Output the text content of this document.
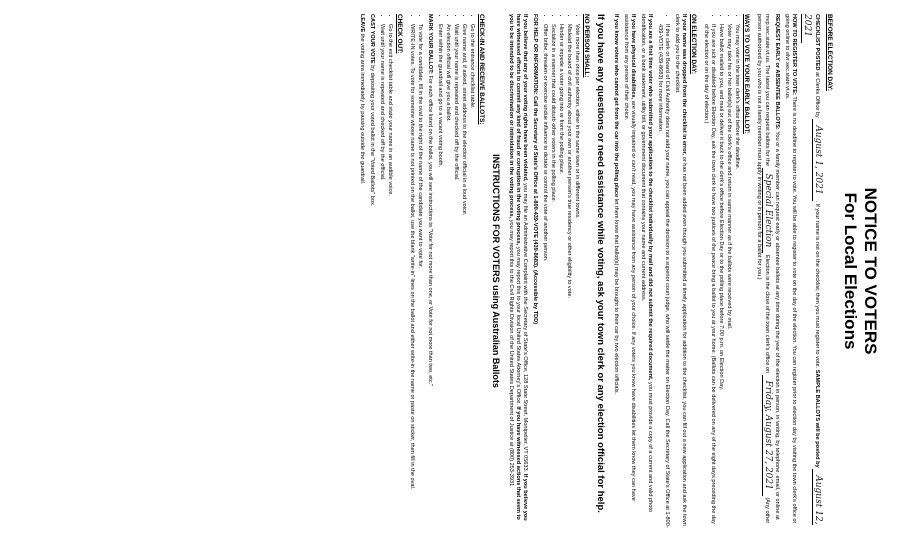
NOTICE TO VOTERS
For Local Elections
BEFORE ELECTION DAY:

CHECKLIST POSTED at Clerks Office by August 1, 2021. If your name is not on the checklist, then you must register to vote. SAMPLE BALLOTS will be posted by August 12, 2021

HOW TO REGISTER TO VOTE: There is no deadline to register to vote. You will be able to register to vote on the day of the election. You can register prior to election day by visiting the town clerk's office or going online to olvr.sec.state.vt.us.

REQUEST EARLY or ABSENTEE BALLOTS: You or a family member can request early or absentee ballots at any time during the year of the election in person, in writing, by telephone, email, or online at mvp.sec.state.vt.us. The latest you can request ballots for the Special Election Election is the close of the town clerk's office on Friday, August 27, 2021 (Any other person authorized by you who is not a family member must apply in writing or in person for a ballot for you.)

WAYS TO VOTE YOUR EARLY BALLOT:
• You may vote in the town clerk's office before the deadline.
• Voter may take his or her ballot(s) out of the clerk's office and return in same manner as if the ballots were received by mail.
• Have ballot mailed to you, and mail or deliver it back to the clerk's office before Election Day or to the polling place before 7:00 p.m. on Election Day.
• If you are sick or disabled before Election Day, ask the town clerk to have two justices of the peace bring a ballot to you at your home. (Ballots can be delivered on any of the eight days preceding the day of the election or on the day of election.)
ON ELECTION DAY:

If your name was dropped from the checklist in error, or has not been added even though you submitted a timely application for addition to the checklist, you can fill out a new application and ask the town clerk to add you to the checklist.

• If the clerk or Board of Civil Authority does not add your name, you can appeal the decision to a superior court judge, who will settle the matter on Election Day. Call the Secretary of State's Office at 1-800-439-VOTE (439-8683) for more information.

If you are a first time voter who submitted your application to the checklist individually by mail and did not submit the required document, you must provide a copy of a current and valid photo identification, or a bank statement, utility bill, or government document that contains your name and current address.

If you have physical disabilities, are visually impaired or can't read, you may have assistance from any person of your choice. If any voters you know have disabilities let them know they can have assistance from any person of their choice.

If you know voters who cannot get from the car into the polling place let them know that ballot(s) may be brought to their car by two election officials.

If you have any questions or need assistance while voting, ask your town clerk or any election official for help.
NO PERSON SHALL:
• Vote more than once per election, either in the same town or in different towns.
• Mislead the board of civil authority about your own or another person's true residency or other eligibility to vote.
• Hinder or impede a voter going into or from the polling place.
• Socialize in a manner that could disturb other voters in the polling place.
• Offer bribe, threaten or exercise undue influence to dictate or control the vote of another person.

FOR HELP OR INFORMATION: Call the Secretary of State's Office at 1-800-439-VOTE (439-8683). (Accessible by TDD)

If you believe that any of your voting rights have been violated, you may file an Administrative Complaint with the Secretary of State's Office, 128 State Street, Montpelier, VT 05633. If you believe you have witnessed efforts to commit any kind of fraud or corruption in the voting process, you may report this to your local United States Attorney's Office. If you have witnessed actions that seem to you to be intended to be discrimination or intimidation in the voting process, you may report this to the Civil Rights Division of the United States Department of Justice at (800) 253-3931.

INSTRUCTIONS FOR VOTERS using Australian Ballots
CHECK-IN AND RECEIVE BALLOTS:
• Go to the entrance checklist table.
• Give name and, if asked, street address to the election official in a loud voice.
• Wait until your name is repeated and checked off by the official.
• An election official will give you a ballot.
• Enter within the guardrail and go to a vacant voting booth.

MARK YOUR BALLOT: For each office listed on the ballot, you will see instructions to "Vote for not more than one, or Vote for not more than two, etc."

• To vote for a candidate, fill in the oval to the right of the name of the candidate you want to vote for.
• WRITE-IN votes. To vote for someone whose name is not printed on the ballot, use the blank "write-in" lines on the ballot and either write-in the name or paste on sticker, then fill in the oval.
CHECK OUT:
• Go to the exit checklist table and state your name in an audible voice.
• Wait until your name is repeated and checked off by the official.

CAST YOUR VOTE by depositing your voted ballot in the "Voted Ballots" box.

LEAVE the voting area immediately by passing outside the guardrail.
